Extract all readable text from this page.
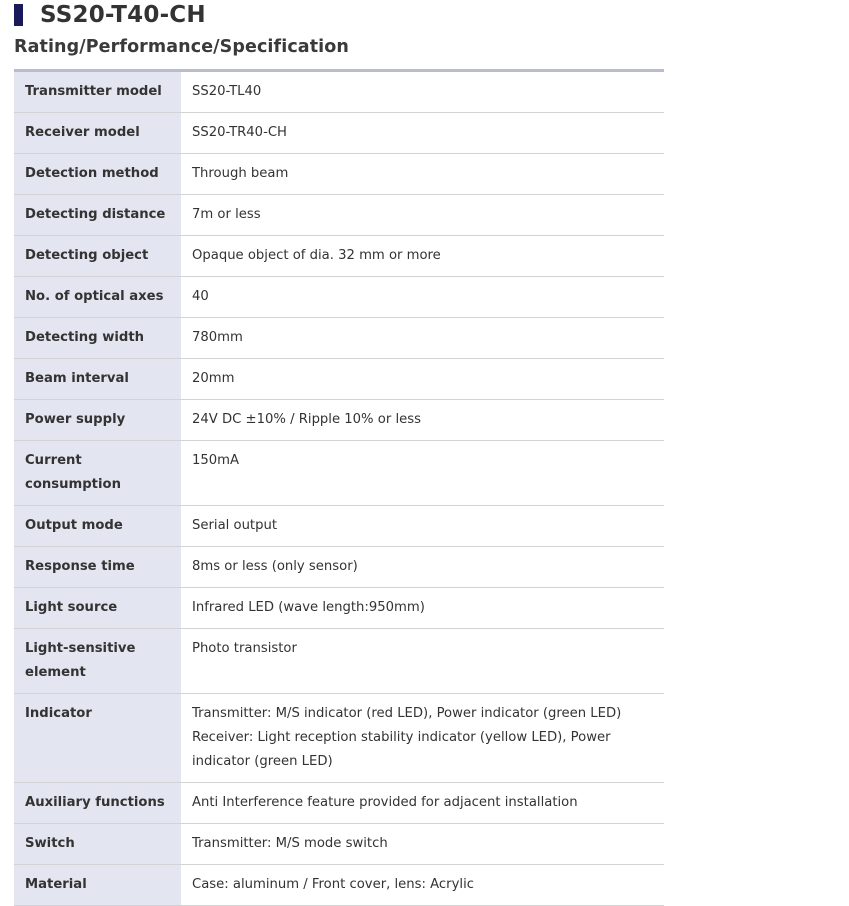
SS20-T40-CH
Rating/Performance/Specification
Transmitter model	SS20-TL40
Receiver model	SS20-TR40-CH
Detection method	Through beam
Detecting distance	7m or less
Detecting object	Opaque object of dia. 32 mm or more
No. of optical axes	40
Detecting width	780mm
Beam interval	20mm
Power supply	24V DC ±10% / Ripple 10% or less
Current consumption	150mA
Output mode	Serial output
Response time	8ms or less (only sensor)
Light source	Infrared LED (wave length:950mm)
Light-sensitive element	Photo transistor
Indicator	Transmitter: M/S indicator (red LED), Power indicator (green LED)
Receiver: Light reception stability indicator (yellow LED), Power indicator (green LED)
Auxiliary functions	Anti Interference feature provided for adjacent installation
Switch	Transmitter: M/S mode switch
Material	Case: aluminum / Front cover, lens: Acrylic
